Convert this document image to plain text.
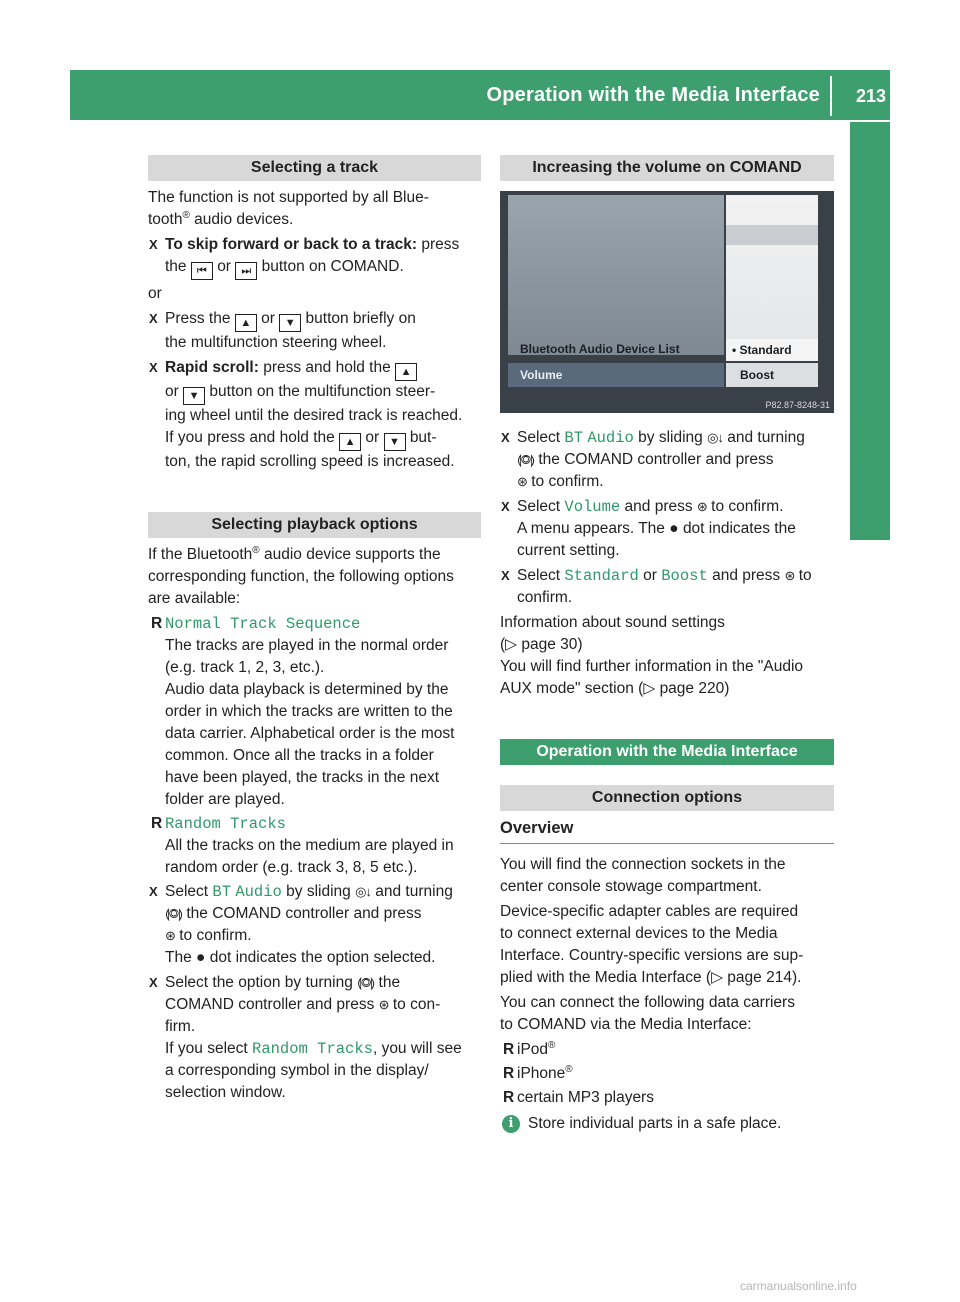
Operation with the Media Interface 213
Audio
Selecting a track

The function is not supported by all Blue-
tooth® audio devices.

X To skip forward or back to a track: press
the ⏮ or ⏭ button on COMAND.

or

X Press the ▲ or ▼ button briefly on
the multifunction steering wheel.
X Rapid scroll: press and hold the ▲
or ▼ button on the multifunction steer-
ing wheel until the desired track is reached.
If you press and hold the ▲ or ▼ but-
ton, the rapid scrolling speed is increased.
Selecting playback options

If the Bluetooth® audio device supports the
corresponding function, the following options
are available:

R Normal Track Sequence
The tracks are played in the normal order
(e.g. track 1, 2, 3, etc.).
Audio data playback is determined by the
order in which the tracks are written to the
data carrier. Alphabetical order is the most
common. Once all the tracks in a folder
have been played, the tracks in the next
folder are played.
R Random Tracks
All the tracks on the medium are played in
random order (e.g. track 3, 8, 5 etc.).
X Select BT Audio by sliding ◎↓ and turning
⟬◎⟭ the COMAND controller and press
⊛ to confirm.
The ● dot indicates the option selected.
X Select the option by turning ⟬◎⟭ the
COMAND controller and press ⊛ to con-
firm.
If you select Random Tracks, you will see
a corresponding symbol in the display/
selection window.
Increasing the volume on COMAND
Bluetooth Audio Device List
Volume
• Standard
Boost
P82.87-8248-31
X Select BT Audio by sliding ◎↓ and turning
⟬◎⟭ the COMAND controller and press
⊛ to confirm.
X Select Volume and press ⊛ to confirm.
A menu appears. The ● dot indicates the
current setting.
X Select Standard or Boost and press ⊛ to
confirm.

Information about sound settings
(▷ page 30)
You will find further information in the "Audio
AUX mode" section (▷ page 220)

Operation with the Media Interface
Connection options
Overview

You will find the connection sockets in the
center console stowage compartment.

Device-specific adapter cables are required
to connect external devices to the Media
Interface. Country-specific versions are sup-
plied with the Media Interface (▷ page 214).

You can connect the following data carriers
to COMAND via the Media Interface:

R iPod®
R iPhone®
R certain MP3 players
i Store individual parts in a safe place.
carmanualsonline.info
